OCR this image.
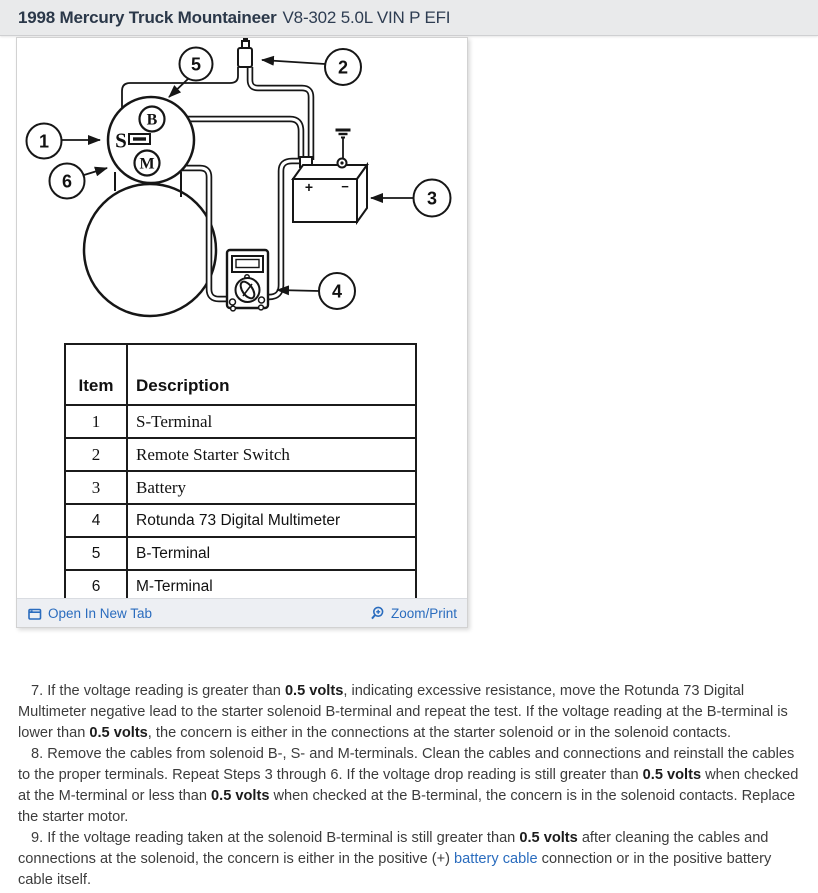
1998 Mercury Truck Mountaineer V8-302 5.0L VIN P EFI
B
M
S
+ −
1
2
3
4
5
6
Item	Description
1	S-Terminal
2	Remote Starter Switch
3	Battery
4	Rotunda 73 Digital Multimeter
5	B-Terminal
6	M-Terminal
Open In New Tab	Zoom/Print

7. If the voltage reading is greater than 0.5 volts, indicating excessive resistance, move the Rotunda 73 Digital Multimeter negative lead to the starter solenoid B-terminal and repeat the test. If the voltage reading at the B-terminal is lower than 0.5 volts, the concern is either in the connections at the starter solenoid or in the solenoid contacts.

8. Remove the cables from solenoid B-, S- and M-terminals. Clean the cables and connections and reinstall the cables to the proper terminals. Repeat Steps 3 through 6. If the voltage drop reading is still greater than 0.5 volts when checked at the M-terminal or less than 0.5 volts when checked at the B-terminal, the concern is in the solenoid contacts. Replace the starter motor.

9. If the voltage reading taken at the solenoid B-terminal is still greater than 0.5 volts after cleaning the cables and connections at the solenoid, the concern is either in the positive (+) battery cable connection or in the positive battery cable itself.
